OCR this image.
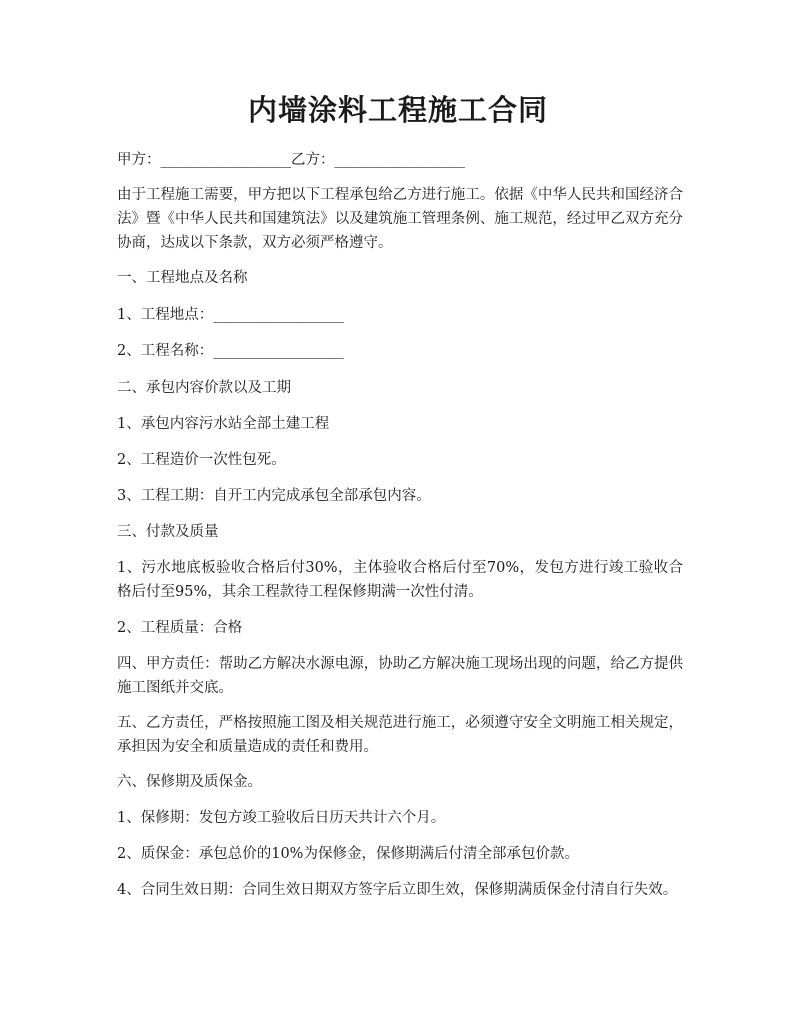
内墙涂料工程施工合同

甲方：__________________乙方：__________________

由于工程施工需要，甲方把以下工程承包给乙方进行施工。依据《中华人民共和国经济合法》暨《中华人民共和国建筑法》以及建筑施工管理条例、施工规范，经过甲乙双方充分协商，达成以下条款，双方必须严格遵守。

一、工程地点及名称

1、工程地点：__________________

2、工程名称：__________________

二、承包内容价款以及工期

1、承包内容污水站全部土建工程

2、工程造价一次性包死。

3、工程工期：自开工内完成承包全部承包内容。

三、付款及质量

1、污水地底板验收合格后付30%，主体验收合格后付至70%，发包方进行竣工验收合格后付至95%，其余工程款待工程保修期满一次性付清。

2、工程质量：合格

四、甲方责任：帮助乙方解决水源电源，协助乙方解决施工现场出现的问题，给乙方提供施工图纸并交底。

五、乙方责任，严格按照施工图及相关规范进行施工，必须遵守安全文明施工相关规定，承担因为安全和质量造成的责任和费用。

六、保修期及质保金。

1、保修期：发包方竣工验收后日历天共计六个月。

2、质保金：承包总价的10%为保修金，保修期满后付清全部承包价款。

4、合同生效日期：合同生效日期双方签字后立即生效，保修期满质保金付清自行失效。
